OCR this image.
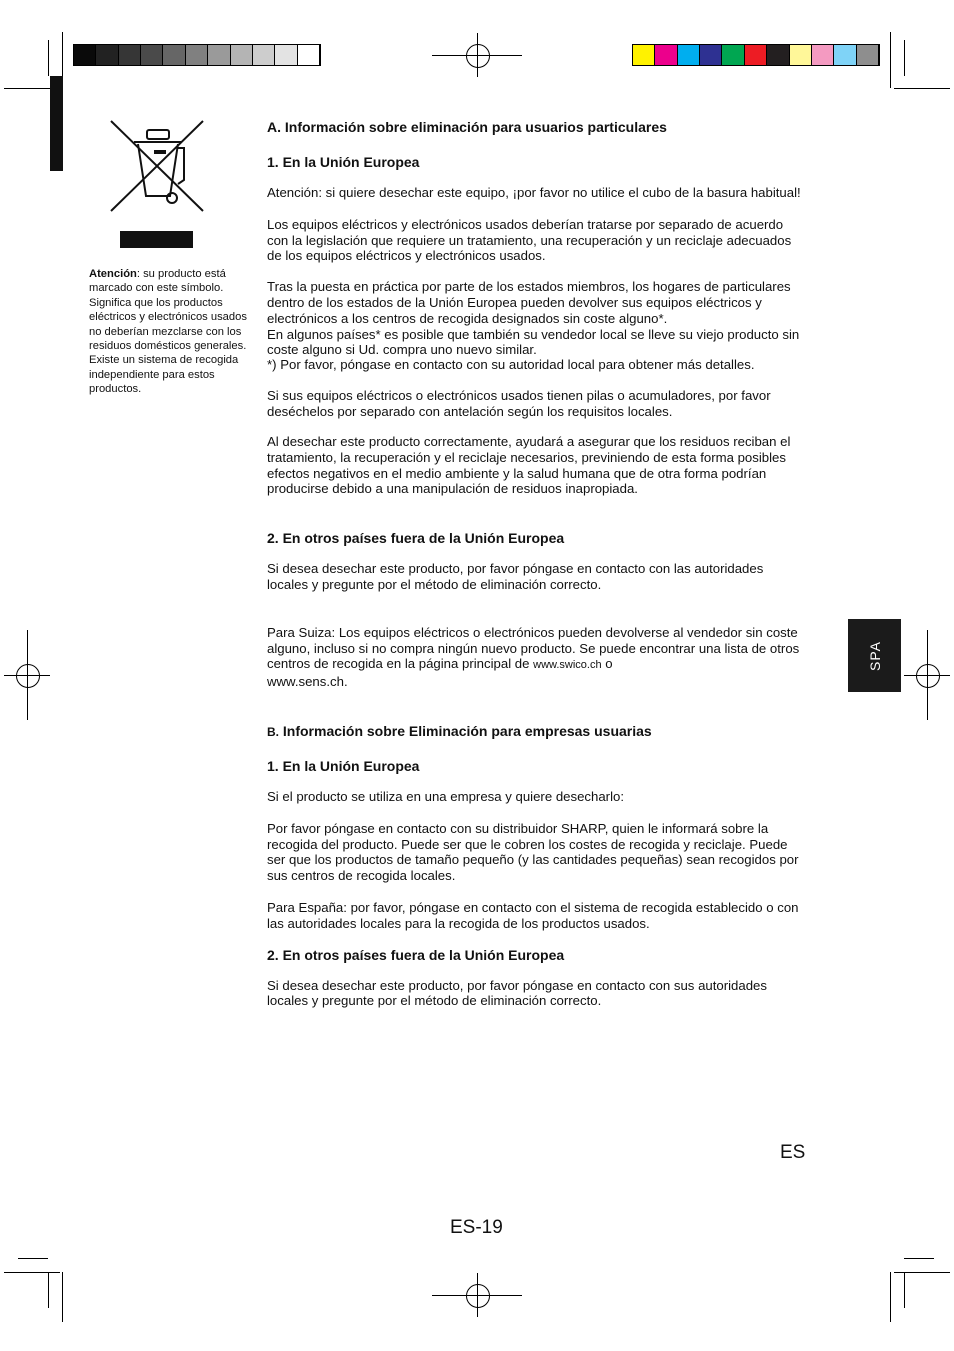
Atención: su producto está marcado con este símbolo. Significa que los productos eléctricos y electrónicos usados no deberían mezclarse con los residuos domésticos generales. Existe un sistema de recogida independiente para estos productos.
A. Información sobre eliminación para usuarios particulares
1. En la Unión Europea

Atención: si quiere desechar este equipo, ¡por favor no utilice el cubo de la basura habitual!

Los equipos eléctricos y electrónicos usados deberían tratarse por separado de acuerdo con la legislación que requiere un tratamiento, una recuperación y un reciclaje adecuados de los equipos eléctricos y electrónicos usados.

Tras la puesta en práctica por parte de los estados miembros, los hogares de particulares dentro de los estados de la Unión Europea pueden devolver sus equipos eléctricos y electrónicos a los centros de recogida designados sin coste alguno*.

En algunos países* es posible que también su vendedor local se lleve su viejo producto sin coste alguno si Ud. compra uno nuevo similar.

*) Por favor, póngase en contacto con su autoridad local para obtener más detalles.

Si sus equipos eléctricos o electrónicos usados tienen pilas o acumuladores, por favor deséchelos por separado con antelación según los requisitos locales.

Al desechar este producto correctamente, ayudará a asegurar que los residuos reciban el tratamiento, la recuperación y el reciclaje necesarios, previniendo de esta forma posibles efectos negativos en el medio ambiente y la salud humana que de otra forma podrían producirse debido a una manipulación de residuos inapropiada.

2. En otros países fuera de la Unión Europea

Si desea desechar este producto, por favor póngase en contacto con las autoridades locales y pregunte por el método de eliminación correcto.

Para Suiza: Los equipos eléctricos o electrónicos pueden devolverse al vendedor sin coste alguno, incluso si no compra ningún nuevo producto. Se puede encontrar una lista de otros centros de recogida en la página principal de www.swico.ch o
www.sens.ch.

B. Información sobre Eliminación para empresas usuarias
1. En la Unión Europea

Si el producto se utiliza en una empresa y quiere desecharlo:

Por favor póngase en contacto con su distribuidor SHARP, quien le informará sobre la recogida del producto. Puede ser que le cobren los costes de recogida y reciclaje. Puede ser que los productos de tamaño pequeño (y las cantidades pequeñas) sean recogidos por sus centros de recogida locales.

Para España: por favor, póngase en contacto con el sistema de recogida establecido o con las autoridades locales para la recogida de los productos usados.

2. En otros países fuera de la Unión Europea

Si desea desechar este producto, por favor póngase en contacto con sus autoridades locales y pregunte por el método de eliminación correcto.

SPA
ES
ES-19
